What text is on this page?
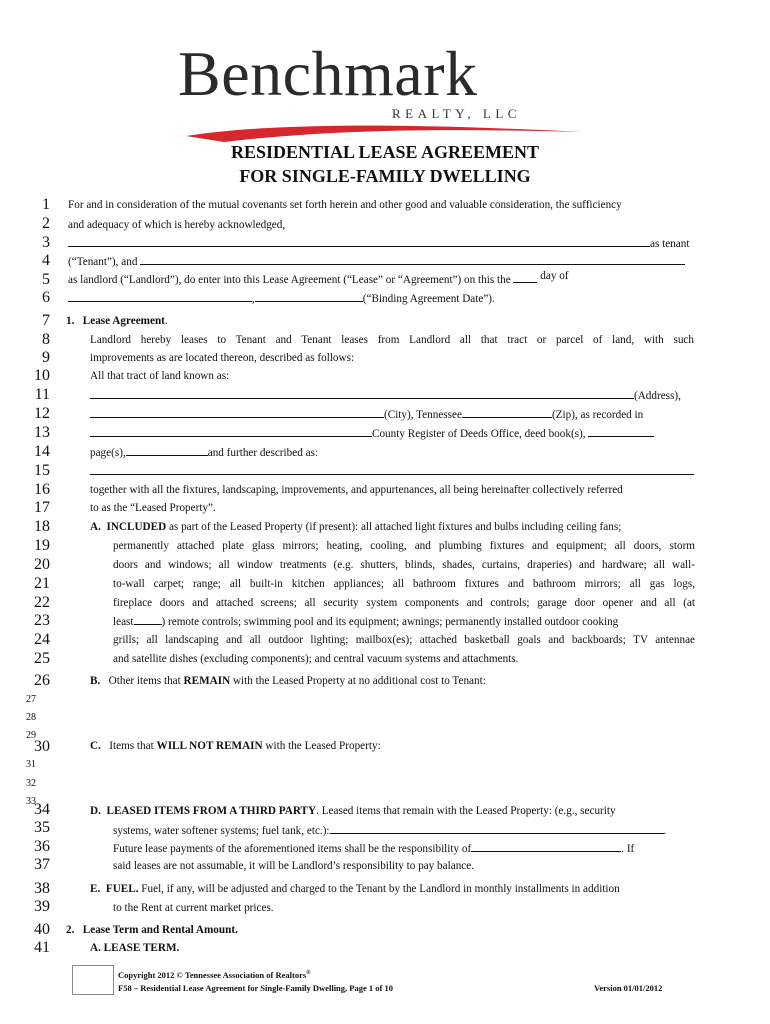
Benchmark
REALTY, LLC
RESIDENTIAL LEASE AGREEMENT
FOR SINGLE-FAMILY DWELLING
1
2
3
4
5
6
7
8
9
10
11
12
13
14
15
16
17
18
19
20
21
22
23
24
25
26
27
28
29
30
31
32
33
34
35
36
37
38
39
40
41
For and in consideration of the mutual covenants set forth herein and other good and valuable consideration, the sufficiency
and adequacy of which is hereby acknowledged,
as tenant
(“Tenant”), and
as landlord (“Landlord”), do enter into this Lease Agreement (“Lease” or “Agreement”) on this the	day of
,	(“Binding Agreement Date”).
1. Lease Agreement.
Landlord hereby leases to Tenant and Tenant leases from Landlord all that tract or parcel of land, with such
improvements as are located thereon, described as follows:
All that tract of land known as:
(Address),
(City), Tennessee	(Zip), as recorded in
County Register of Deeds Office, deed book(s),
page(s),	and further described as:
together with all the fixtures, landscaping, improvements, and appurtenances, all being hereinafter collectively referred
to as the “Leased Property”.
A. INCLUDED as part of the Leased Property (if present): all attached light fixtures and bulbs including ceiling fans;
permanently attached plate glass mirrors; heating, cooling, and plumbing fixtures and equipment; all doors, storm
doors and windows; all window treatments (e.g. shutters, blinds, shades, curtains, draperies) and hardware; all wall-
to-wall carpet; range; all built-in kitchen appliances; all bathroom fixtures and bathroom mirrors; all gas logs,
fireplace doors and attached screens; all security system components and controls; garage door opener and all (at
least	) remote controls; swimming pool and its equipment; awnings; permanently installed outdoor cooking
grills; all landscaping and all outdoor lighting; mailbox(es); attached basketball goals and backboards; TV antennae
and satellite dishes (excluding components); and central vacuum systems and attachments.
B. Other items that REMAIN with the Leased Property at no additional cost to Tenant:
C. Items that WILL NOT REMAIN with the Leased Property:
D. LEASED ITEMS FROM A THIRD PARTY. Leased items that remain with the Leased Property: (e.g., security
systems, water softener systems; fuel tank, etc.):	.
Future lease payments of the aforementioned items shall be the responsibility of	. If
said leases are not assumable, it will be Landlord’s responsibility to pay balance.
E. FUEL. Fuel, if any, will be adjusted and charged to the Tenant by the Landlord in monthly installments in addition
to the Rent at current market prices.
2. Lease Term and Rental Amount.
A. LEASE TERM.
Copyright 2012 © Tennessee Association of Realtors®
F58 – Residential Lease Agreement for Single-Family Dwelling, Page 1 of 10	Version 01/01/2012
